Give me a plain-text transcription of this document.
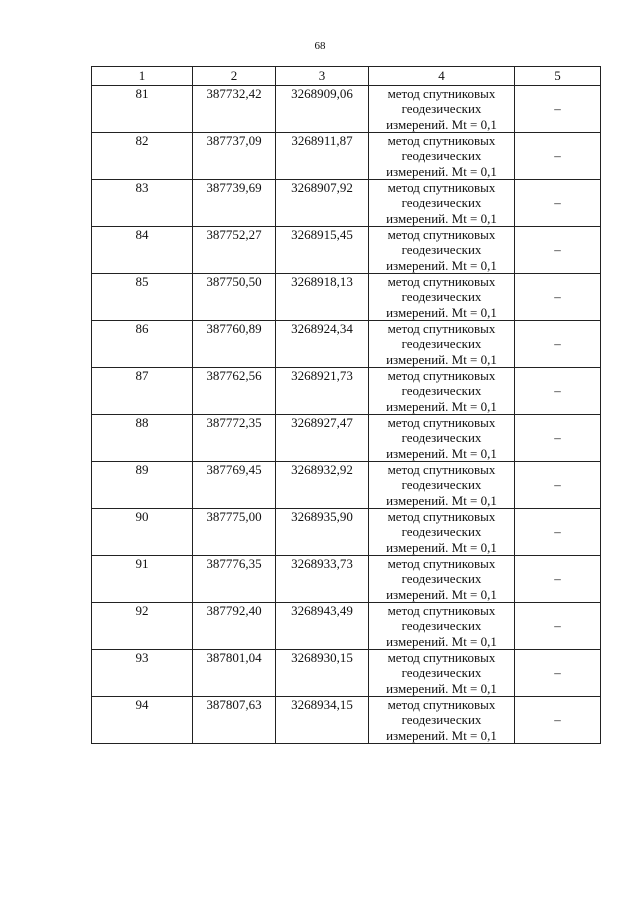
68
1	2	3	4	5
81	387732,42	3268909,06	метод спутниковых
геодезических
измерений. Mt = 0,1	–
82	387737,09	3268911,87	метод спутниковых
геодезических
измерений. Mt = 0,1	–
83	387739,69	3268907,92	метод спутниковых
геодезических
измерений. Mt = 0,1	–
84	387752,27	3268915,45	метод спутниковых
геодезических
измерений. Mt = 0,1	–
85	387750,50	3268918,13	метод спутниковых
геодезических
измерений. Mt = 0,1	–
86	387760,89	3268924,34	метод спутниковых
геодезических
измерений. Mt = 0,1	–
87	387762,56	3268921,73	метод спутниковых
геодезических
измерений. Mt = 0,1	–
88	387772,35	3268927,47	метод спутниковых
геодезических
измерений. Mt = 0,1	–
89	387769,45	3268932,92	метод спутниковых
геодезических
измерений. Mt = 0,1	–
90	387775,00	3268935,90	метод спутниковых
геодезических
измерений. Mt = 0,1	–
91	387776,35	3268933,73	метод спутниковых
геодезических
измерений. Mt = 0,1	–
92	387792,40	3268943,49	метод спутниковых
геодезических
измерений. Mt = 0,1	–
93	387801,04	3268930,15	метод спутниковых
геодезических
измерений. Mt = 0,1	–
94	387807,63	3268934,15	метод спутниковых
геодезических
измерений. Mt = 0,1	–
